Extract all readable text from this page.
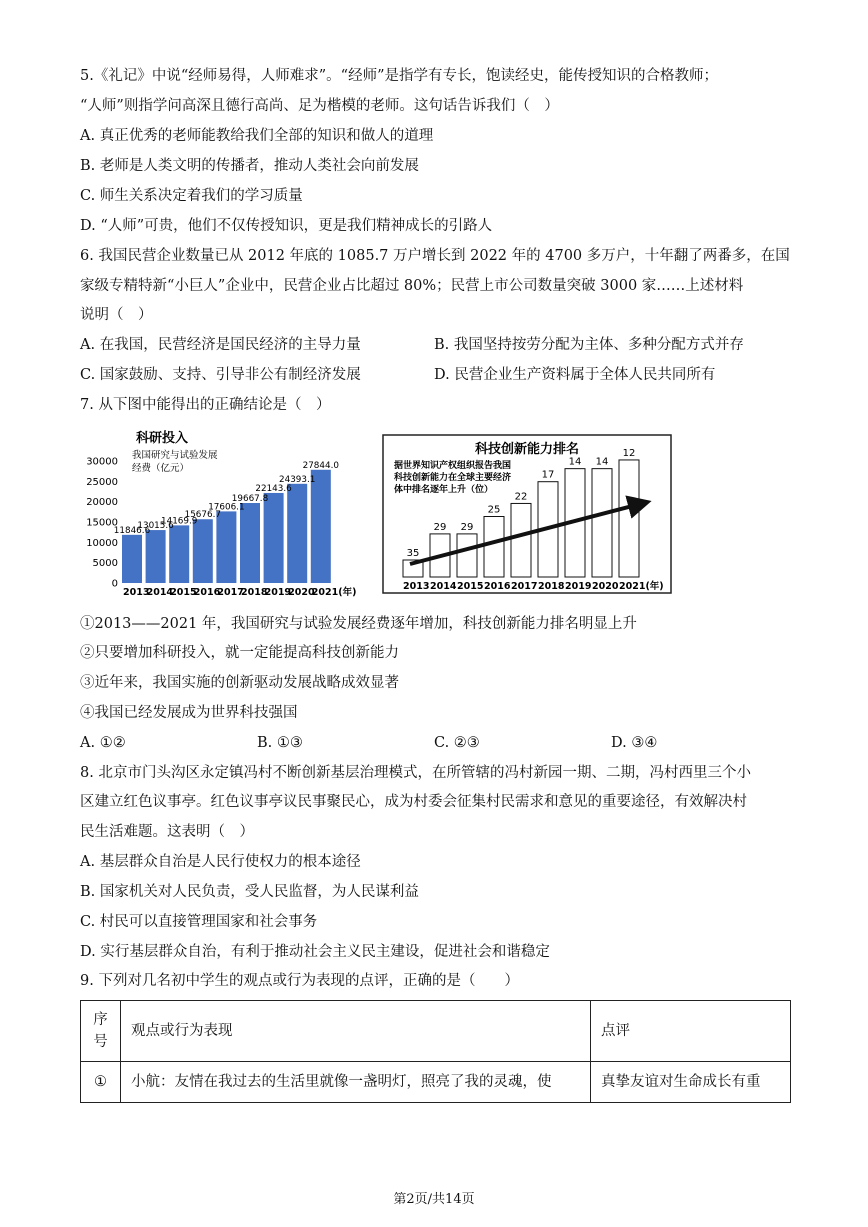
5.《礼记》中说“经师易得，人师难求”。“经师”是指学有专长，饱读经史，能传授知识的合格教师；
“人师”则指学问高深且德行高尚、足为楷模的老师。这句话告诉我们（　）
A. 真正优秀的老师能教给我们全部的知识和做人的道理
B. 老师是人类文明的传播者，推动人类社会向前发展
C. 师生关系决定着我们的学习质量
D. “人师”可贵，他们不仅传授知识，更是我们精神成长的引路人
6. 我国民营企业数量已从 2012 年底的 1085.7 万户增长到 2022 年的 4700 多万户，十年翻了两番多，在国
家级专精特新“小巨人”企业中，民营企业占比超过 80%；民营上市公司数量突破 3000 家……上述材料
说明（　）
A. 在我国，民营经济是国民经济的主导力量	B. 我国坚持按劳分配为主体、多种分配方式并存
C. 国家鼓励、支持、引导非公有制经济发展	D. 民营企业生产资料属于全体人民共同所有
7. 从下图中能得出的正确结论是（　）
科研投入
我国研究与试验发展
经费（亿元）
0
5000
10000
15000
20000
25000
30000
11846.6
13015.6
14169.9
15676.7
17606.1
19667.8
22143.6
24393.1
27844.0
2013
2014
2015
2016
2017
2018
2019
2020
2021(年)
科技创新能力排名
据世界知识产权组织报告我国
科技创新能力在全球主要经济
体中排名逐年上升（位）
35
29 29
25
22
17
14 14
12
2013 2014 2015 2016 2017 2018 2019 2020 2021(年)
①2013——2021 年，我国研究与试验发展经费逐年增加，科技创新能力排名明显上升
②只要增加科研投入，就一定能提高科技创新能力
③近年来，我国实施的创新驱动发展战略成效显著
④我国已经发展成为世界科技强国
A. ①②	B. ①③	C. ②③	D. ③④
8. 北京市门头沟区永定镇冯村不断创新基层治理模式，在所管辖的冯村新园一期、二期，冯村西里三个小
区建立红色议事亭。红色议事亭议民事聚民心，成为村委会征集村民需求和意见的重要途径，有效解决村
民生活难题。这表明（　）
A. 基层群众自治是人民行使权力的根本途径
B. 国家机关对人民负责，受人民监督，为人民谋利益
C. 村民可以直接管理国家和社会事务
D. 实行基层群众自治，有利于推动社会主义民主建设，促进社会和谐稳定
9. 下列对几名初中学生的观点或行为表现的点评，正确的是（　　）
序号	观点或行为表现	点评
①	小航：友情在我过去的生活里就像一盏明灯，照亮了我的灵魂，使	真挚友谊对生命成长有重
第2页/共14页
